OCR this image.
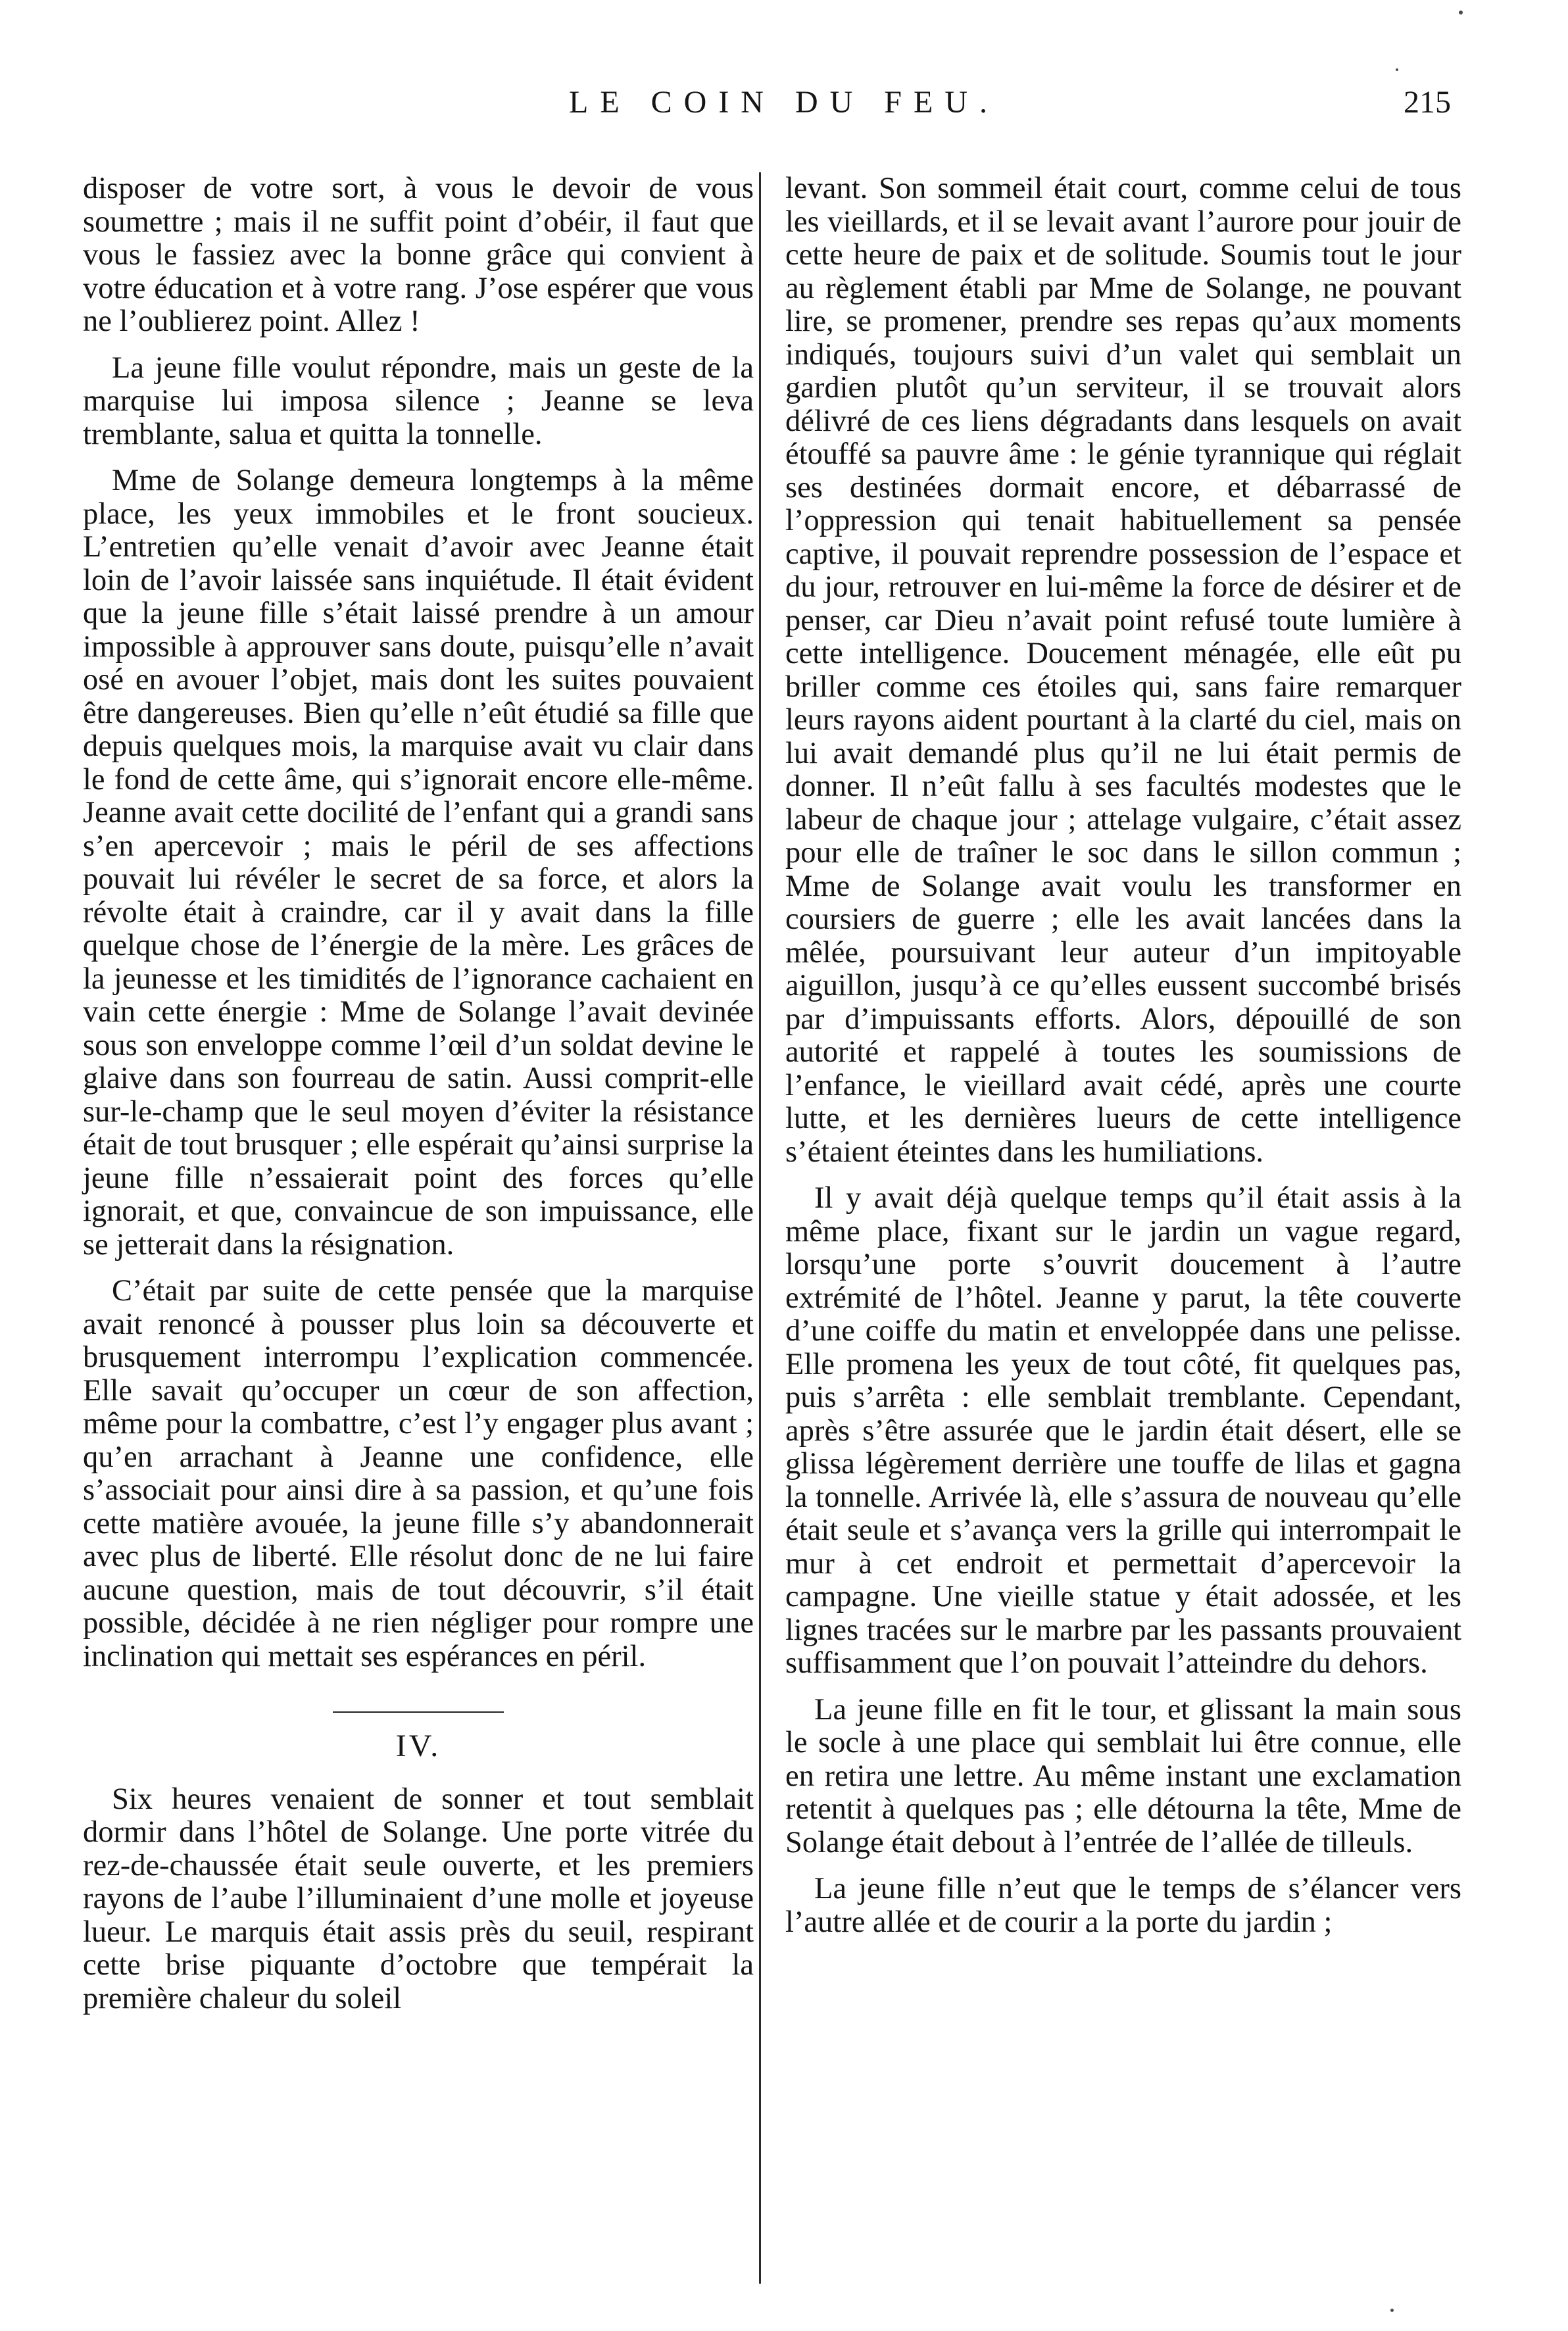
LE COIN DU FEU.	215

disposer de votre sort, à vous le devoir de vous soumettre ; mais il ne suffit point d’obéir, il faut que vous le fassiez avec la bonne grâce qui convient à votre éducation et à votre rang. J’ose espérer que vous ne l’oublierez point. Allez !

La jeune fille voulut répondre, mais un geste de la marquise lui imposa silence ; Jeanne se leva tremblante, salua et quitta la tonnelle.

Mme de Solange demeura longtemps à la même place, les yeux immobiles et le front soucieux. L’entretien qu’elle venait d’avoir avec Jeanne était loin de l’avoir laissée sans inquiétude. Il était évident que la jeune fille s’était laissé prendre à un amour impossible à approuver sans doute, puisqu’elle n’avait osé en avouer l’objet, mais dont les suites pouvaient être dangereuses. Bien qu’elle n’eût étudié sa fille que depuis quelques mois, la marquise avait vu clair dans le fond de cette âme, qui s’ignorait encore elle-même. Jeanne avait cette docilité de l’enfant qui a grandi sans s’en apercevoir ; mais le péril de ses affections pouvait lui révéler le secret de sa force, et alors la révolte était à craindre, car il y avait dans la fille quelque chose de l’énergie de la mère. Les grâces de la jeunesse et les timidités de l’ignorance cachaient en vain cette énergie : Mme de Solange l’avait devinée sous son enveloppe comme l’œil d’un soldat devine le glaive dans son fourreau de satin. Aussi comprit-elle sur-le-champ que le seul moyen d’éviter la résistance était de tout brusquer ; elle espérait qu’ainsi surprise la jeune fille n’essaierait point des forces qu’elle ignorait, et que, convaincue de son impuissance, elle se jetterait dans la résignation.

C’était par suite de cette pensée que la marquise avait renoncé à pousser plus loin sa découverte et brusquement interrompu l’explication commencée. Elle savait qu’occuper un cœur de son affection, même pour la combattre, c’est l’y engager plus avant ; qu’en arrachant à Jeanne une confidence, elle s’associait pour ainsi dire à sa passion, et qu’une fois cette matière avouée, la jeune fille s’y abandonnerait avec plus de liberté. Elle résolut donc de ne lui faire aucune question, mais de tout découvrir, s’il était possible, décidée à ne rien négliger pour rompre une inclination qui mettait ses espérances en péril.

IV.

Six heures venaient de sonner et tout semblait dormir dans l’hôtel de Solange. Une porte vitrée du rez-de-chaussée était seule ouverte, et les premiers rayons de l’aube l’illuminaient d’une molle et joyeuse lueur. Le marquis était assis près du seuil, respirant cette brise piquante d’octobre que tempérait la première chaleur du soleil

levant. Son sommeil était court, comme celui de tous les vieillards, et il se levait avant l’aurore pour jouir de cette heure de paix et de solitude. Soumis tout le jour au règlement établi par Mme de Solange, ne pouvant lire, se promener, prendre ses repas qu’aux moments indiqués, toujours suivi d’un valet qui semblait un gardien plutôt qu’un serviteur, il se trouvait alors délivré de ces liens dégradants dans lesquels on avait étouffé sa pauvre âme : le génie tyrannique qui réglait ses destinées dormait encore, et débarrassé de l’oppression qui tenait habituellement sa pensée captive, il pouvait reprendre possession de l’espace et du jour, retrouver en lui-même la force de désirer et de penser, car Dieu n’avait point refusé toute lumière à cette intelligence. Doucement ménagée, elle eût pu briller comme ces étoiles qui, sans faire remarquer leurs rayons aident pourtant à la clarté du ciel, mais on lui avait demandé plus qu’il ne lui était permis de donner. Il n’eût fallu à ses facultés modestes que le labeur de chaque jour ; attelage vulgaire, c’était assez pour elle de traîner le soc dans le sillon commun ; Mme de Solange avait voulu les transformer en coursiers de guerre ; elle les avait lancées dans la mêlée, poursuivant leur auteur d’un impitoyable aiguillon, jusqu’à ce qu’elles eussent succombé brisés par d’impuissants efforts. Alors, dépouillé de son autorité et rappelé à toutes les soumissions de l’enfance, le vieillard avait cédé, après une courte lutte, et les dernières lueurs de cette intelligence s’étaient éteintes dans les humiliations.

Il y avait déjà quelque temps qu’il était assis à la même place, fixant sur le jardin un vague regard, lorsqu’une porte s’ouvrit doucement à l’autre extrémité de l’hôtel. Jeanne y parut, la tête couverte d’une coiffe du matin et enveloppée dans une pelisse. Elle promena les yeux de tout côté, fit quelques pas, puis s’arrêta : elle semblait tremblante. Cependant, après s’être assurée que le jardin était désert, elle se glissa légèrement derrière une touffe de lilas et gagna la tonnelle. Arrivée là, elle s’assura de nouveau qu’elle était seule et s’avança vers la grille qui interrompait le mur à cet endroit et permettait d’apercevoir la campagne. Une vieille statue y était adossée, et les lignes tracées sur le marbre par les passants prouvaient suffisamment que l’on pouvait l’atteindre du dehors.

La jeune fille en fit le tour, et glissant la main sous le socle à une place qui semblait lui être connue, elle en retira une lettre. Au même instant une exclamation retentit à quelques pas ; elle détourna la tête, Mme de Solange était debout à l’entrée de l’allée de tilleuls.

La jeune fille n’eut que le temps de s’élancer vers l’autre allée et de courir a la porte du jardin ;
